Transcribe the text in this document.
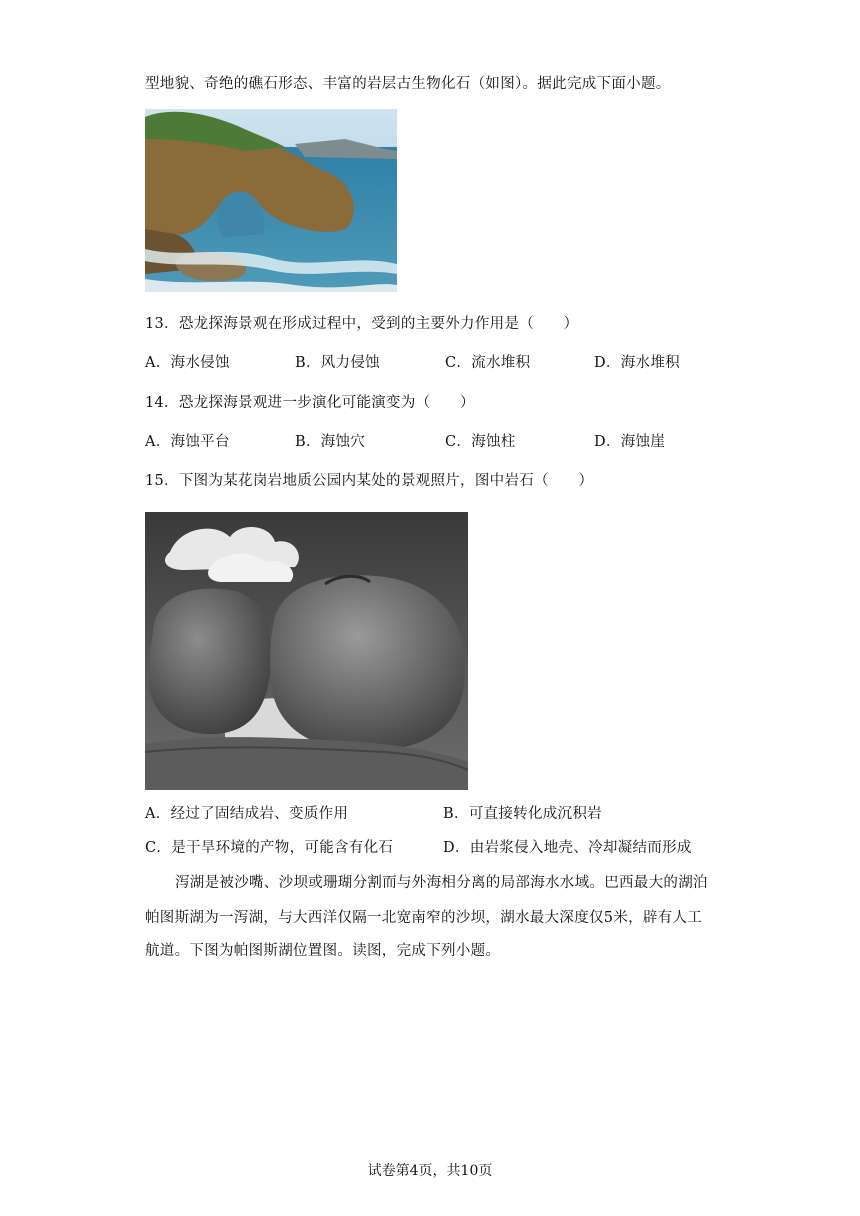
型地貌、奇绝的礁石形态、丰富的岩层古生物化石（如图）。据此完成下面小题。
13．恐龙探海景观在形成过程中，受到的主要外力作用是（　　）
A．海水侵蚀	B．风力侵蚀	C．流水堆积	D．海水堆积
14．恐龙探海景观进一步演化可能演变为（　　）
A．海蚀平台	B．海蚀穴	C．海蚀柱	D．海蚀崖
15．下图为某花岗岩地质公园内某处的景观照片，图中岩石（　　）
A．经过了固结成岩、变质作用	B．可直接转化成沉积岩
C．是干旱环境的产物，可能含有化石	D．由岩浆侵入地壳、冷却凝结而形成
泻湖是被沙嘴、沙坝或珊瑚分割而与外海相分离的局部海水水域。巴西最大的湖泊
帕图斯湖为一泻湖，与大西洋仅隔一北宽南窄的沙坝，湖水最大深度仅5米，辟有人工
航道。下图为帕图斯湖位置图。读图，完成下列小题。
试卷第4页，共10页
